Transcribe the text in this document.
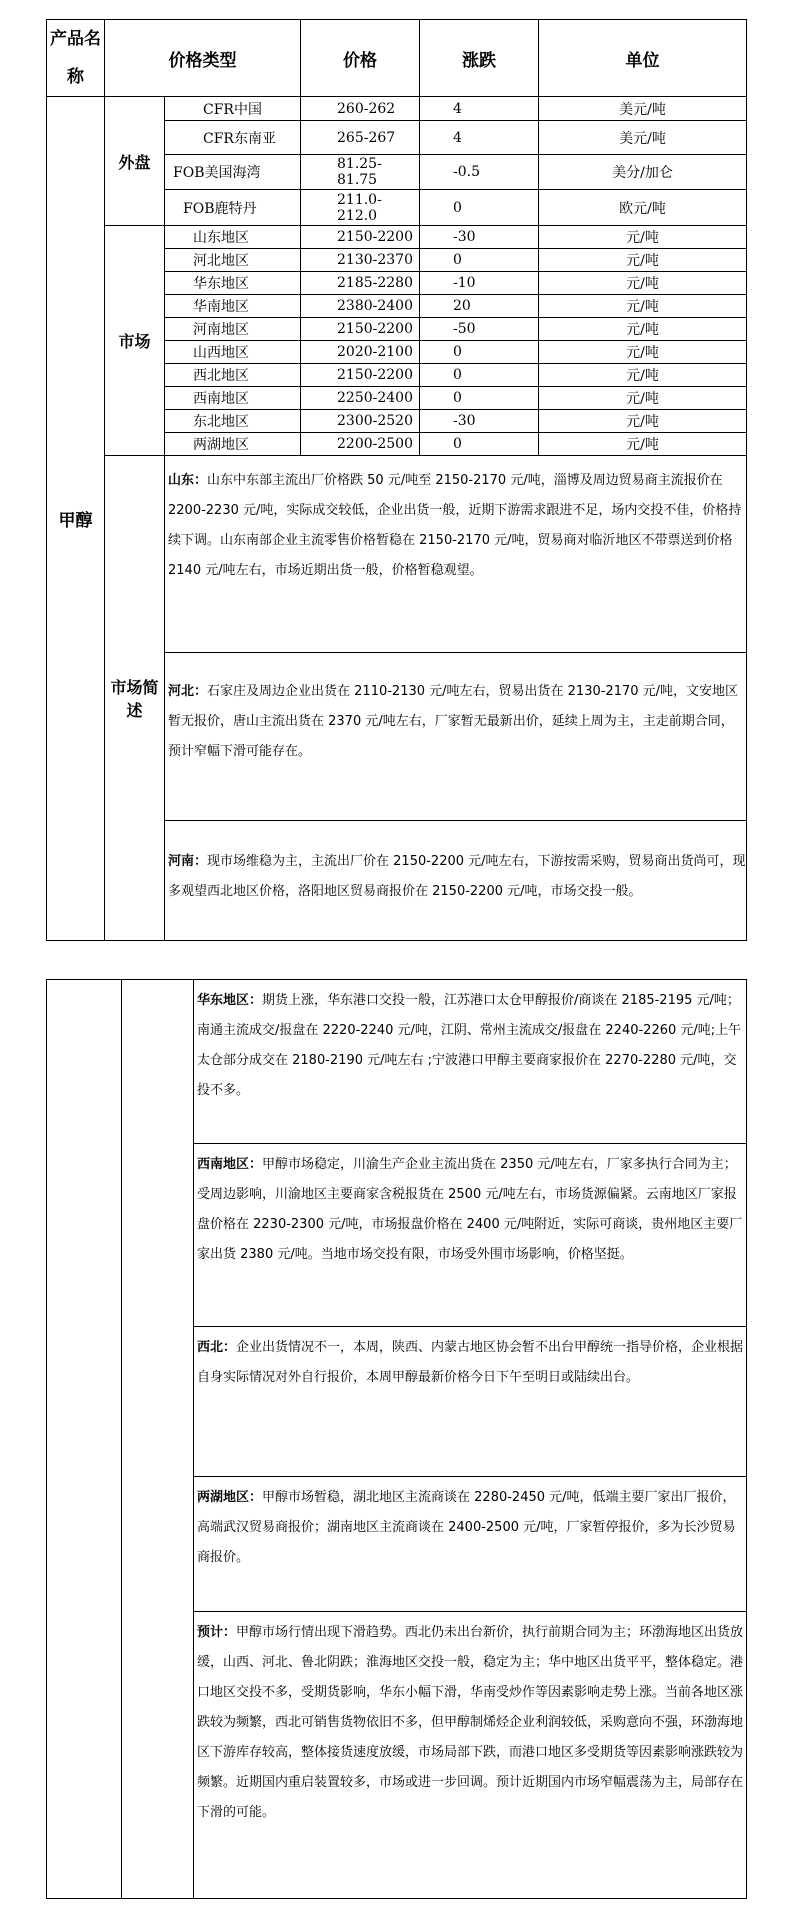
产品名称	价格类型		价格	涨跌	单位
甲醇	外盘	CFR中国	260-262	4	美元/吨
		CFR东南亚	265-267	4	美元/吨
		FOB美国海湾	81.25-81.75	-0.5	美分/加仑
		FOB鹿特丹	211.0-212.0	0	欧元/吨
	市场	山东地区	2150-2200	-30	元/吨
		河北地区	2130-2370	0	元/吨
		华东地区	2185-2280	-10	元/吨
		华南地区	2380-2400	20	元/吨
		河南地区	2150-2200	-50	元/吨
		山西地区	2020-2100	0	元/吨
		西北地区	2150-2200	0	元/吨
		西南地区	2250-2400	0	元/吨
		东北地区	2300-2520	-30	元/吨
		两湖地区	2200-2500	0	元/吨
	市场简述	山东：山东中东部主流出厂价格跌 50 元/吨至 2150-2170 元/吨，淄博及周边贸易商主流报价在 2200-2230 元/吨，实际成交较低，企业出货一般，近期下游需求跟进不足，场内交投不佳，价格持续下调。山东南部企业主流零售价格暂稳在 2150-2170 元/吨，贸易商对临沂地区不带票送到价格 2140 元/吨左右，市场近期出货一般，价格暂稳观望。			
		河北：石家庄及周边企业出货在 2110-2130 元/吨左右，贸易出货在 2130-2170 元/吨，文安地区暂无报价，唐山主流出货在 2370 元/吨左右，厂家暂无最新出价，延续上周为主，主走前期合同，预计窄幅下滑可能存在。			
		河南：现市场维稳为主，主流出厂价在 2150-2200 元/吨左右，下游按需采购，贸易商出货尚可，现多观望西北地区价格，洛阳地区贸易商报价在 2150-2200 元/吨，市场交投一般。			
		华东地区：期货上涨，华东港口交投一般，江苏港口太仓甲醇报价/商谈在 2185-2195 元/吨；南通主流成交/报盘在 2220-2240 元/吨，江阴、常州主流成交/报盘在 2240-2260 元/吨;上午太仓部分成交在 2180-2190 元/吨左右 ;宁波港口甲醇主要商家报价在 2270-2280 元/吨，交投不多。
西南地区：甲醇市场稳定，川渝生产企业主流出货在 2350 元/吨左右，厂家多执行合同为主；受周边影响，川渝地区主要商家含税报货在 2500 元/吨左右，市场货源偏紧。云南地区厂家报盘价格在 2230-2300 元/吨，市场报盘价格在 2400 元/吨附近，实际可商谈，贵州地区主要厂家出货 2380 元/吨。当地市场交投有限，市场受外围市场影响，价格坚挺。
西北：企业出货情况不一，本周，陕西、内蒙古地区协会暂不出台甲醇统一指导价格，企业根据自身实际情况对外自行报价，本周甲醇最新价格今日下午至明日或陆续出台。
两湖地区：甲醇市场暂稳，湖北地区主流商谈在 2280-2450 元/吨，低端主要厂家出厂报价，高端武汉贸易商报价；湖南地区主流商谈在 2400-2500 元/吨，厂家暂停报价，多为长沙贸易商报价。
预计：甲醇市场行情出现下滑趋势。西北仍未出台新价，执行前期合同为主；环渤海地区出货放缓，山西、河北、鲁北阴跌；淮海地区交投一般，稳定为主；华中地区出货平平，整体稳定。港口地区交投不多，受期货影响，华东小幅下滑，华南受炒作等因素影响走势上涨。当前各地区涨跌较为频繁，西北可销售货物依旧不多，但甲醇制烯烃企业利润较低，采购意向不强，环渤海地区下游库存较高，整体接货速度放缓，市场局部下跌，而港口地区多受期货等因素影响涨跌较为频繁。近期国内重启装置较多，市场或进一步回调。预计近期国内市场窄幅震荡为主，局部存在下滑的可能。
